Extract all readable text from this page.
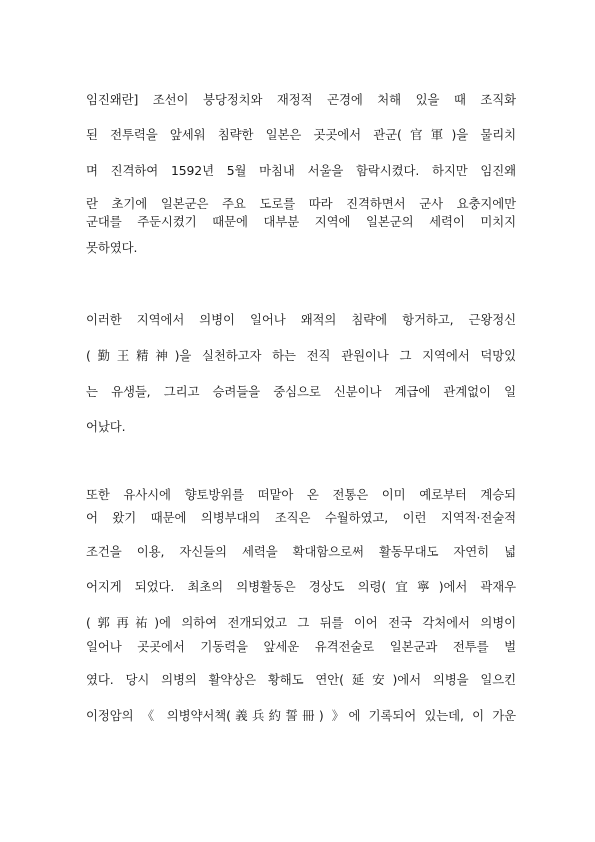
임진왜란] 조선이 붕당정치와 재정적 곤경에 처해 있을 때 조직화
된 전투력을 앞세워 침략한 일본은 곳곳에서 관군(官軍)을 물리치
며 진격하여 1592년 5월 마침내 서울을 함락시켰다. 하지만 임진왜
란 초기에 일본군은 주요 도로를 따라 진격하면서 군사 요충지에만
군대를 주둔시켰기 때문에 대부분 지역에 일본군의 세력이 미치지
못하였다.
이러한 지역에서 의병이 일어나 왜적의 침략에 항거하고, 근왕정신
(勤王精神)을 실천하고자 하는 전직 관원이나 그 지역에서 덕망있
는 유생들, 그리고 승려들을 중심으로 신분이나 계급에 관계없이 일
어났다.
또한 유사시에 향토방위를 떠맡아 온 전통은 이미 예로부터 계승되
어 왔기 때문에 의병부대의 조직은 수월하였고, 이런 지역적·전술적
조건을 이용, 자신들의 세력을 확대함으로써 활동무대도 자연히 넓
어지게 되었다. 최초의 의병활동은 경상도 의령(宜寧)에서 곽재우
(郭再祐)에 의하여 전개되었고 그 뒤를 이어 전국 각처에서 의병이
일어나 곳곳에서 기동력을 앞세운 유격전술로 일본군과 전투를 벌
였다. 당시 의병의 활약상은 황해도 연안(延安)에서 의병을 일으킨
이정암의 《 의병약서책(義兵約誓冊) 》에 기록되어 있는데, 이 가운
